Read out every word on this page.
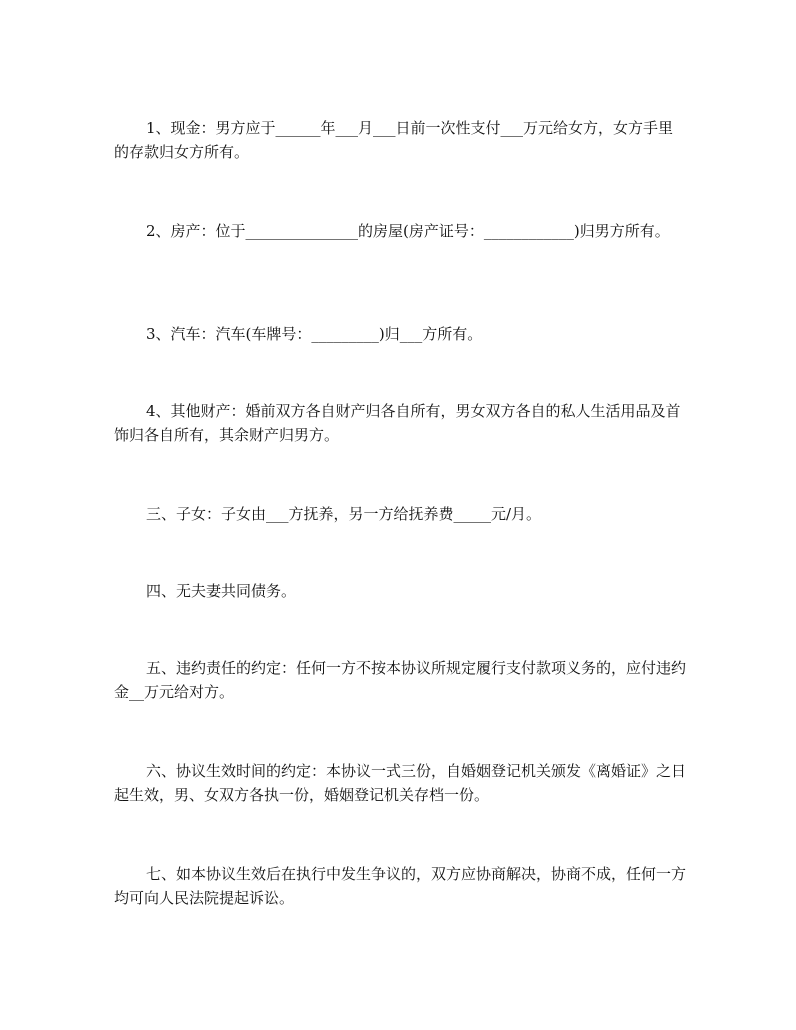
1、现金：男方应于______年___月___日前一次性支付___万元给女方，女方手里的存款归女方所有。

2、房产：位于_______________的房屋(房产证号：____________)归男方所有。

3、汽车：汽车(车牌号：_________)归___方所有。

4、其他财产：婚前双方各自财产归各自所有，男女双方各自的私人生活用品及首饰归各自所有，其余财产归男方。

三、子女：子女由___方抚养，另一方给抚养费_____元/月。

四、无夫妻共同债务。

五、违约责任的约定：任何一方不按本协议所规定履行支付款项义务的，应付违约金__万元给对方。

六、协议生效时间的约定：本协议一式三份，自婚姻登记机关颁发《离婚证》之日起生效，男、女双方各执一份，婚姻登记机关存档一份。

七、如本协议生效后在执行中发生争议的，双方应协商解决，协商不成，任何一方均可向人民法院提起诉讼。
